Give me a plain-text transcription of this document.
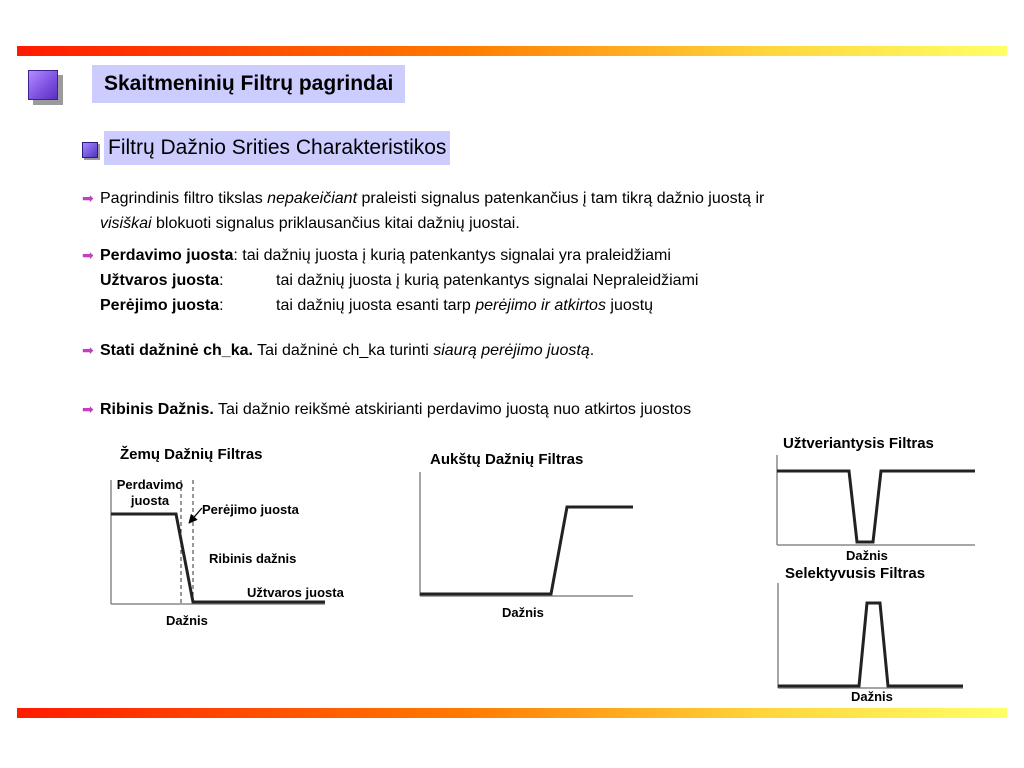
Skaitmeninių Filtrų pagrindai
Filtrų Dažnio Srities Charakteristikos
➡ Pagrindinis filtro tikslas nepakeičiant praleisti signalus patenkančius į tam tikrą dažnio juostą ir
visiškai blokuoti signalus priklausančius kitai dažnių juostai.
➡ Perdavimo juosta: tai dažnių juosta į kurią patenkantys signalai yra praleidžiami
Užtvaros juosta:	tai dažnių juosta į kurią patenkantys signalai Nepraleidžiami
Perėjimo juosta:	tai dažnių juosta esanti tarp perėjimo ir atkirtos juostų
➡ Stati dažninė ch_ka. Tai dažninė ch_ka turinti siaurą perėjimo juostą.
➡ Ribinis Dažnis. Tai dažnio reikšmė atskirianti perdavimo juostą nuo atkirtos juostos
Žemų Dažnių Filtras
Perdavimo
juosta
Perėjimo juosta
Ribinis dažnis
Užtvaros juosta
Dažnis
Aukštų Dažnių Filtras
Dažnis
Užtveriantysis Filtras
Dažnis
Selektyvusis Filtras
Dažnis
